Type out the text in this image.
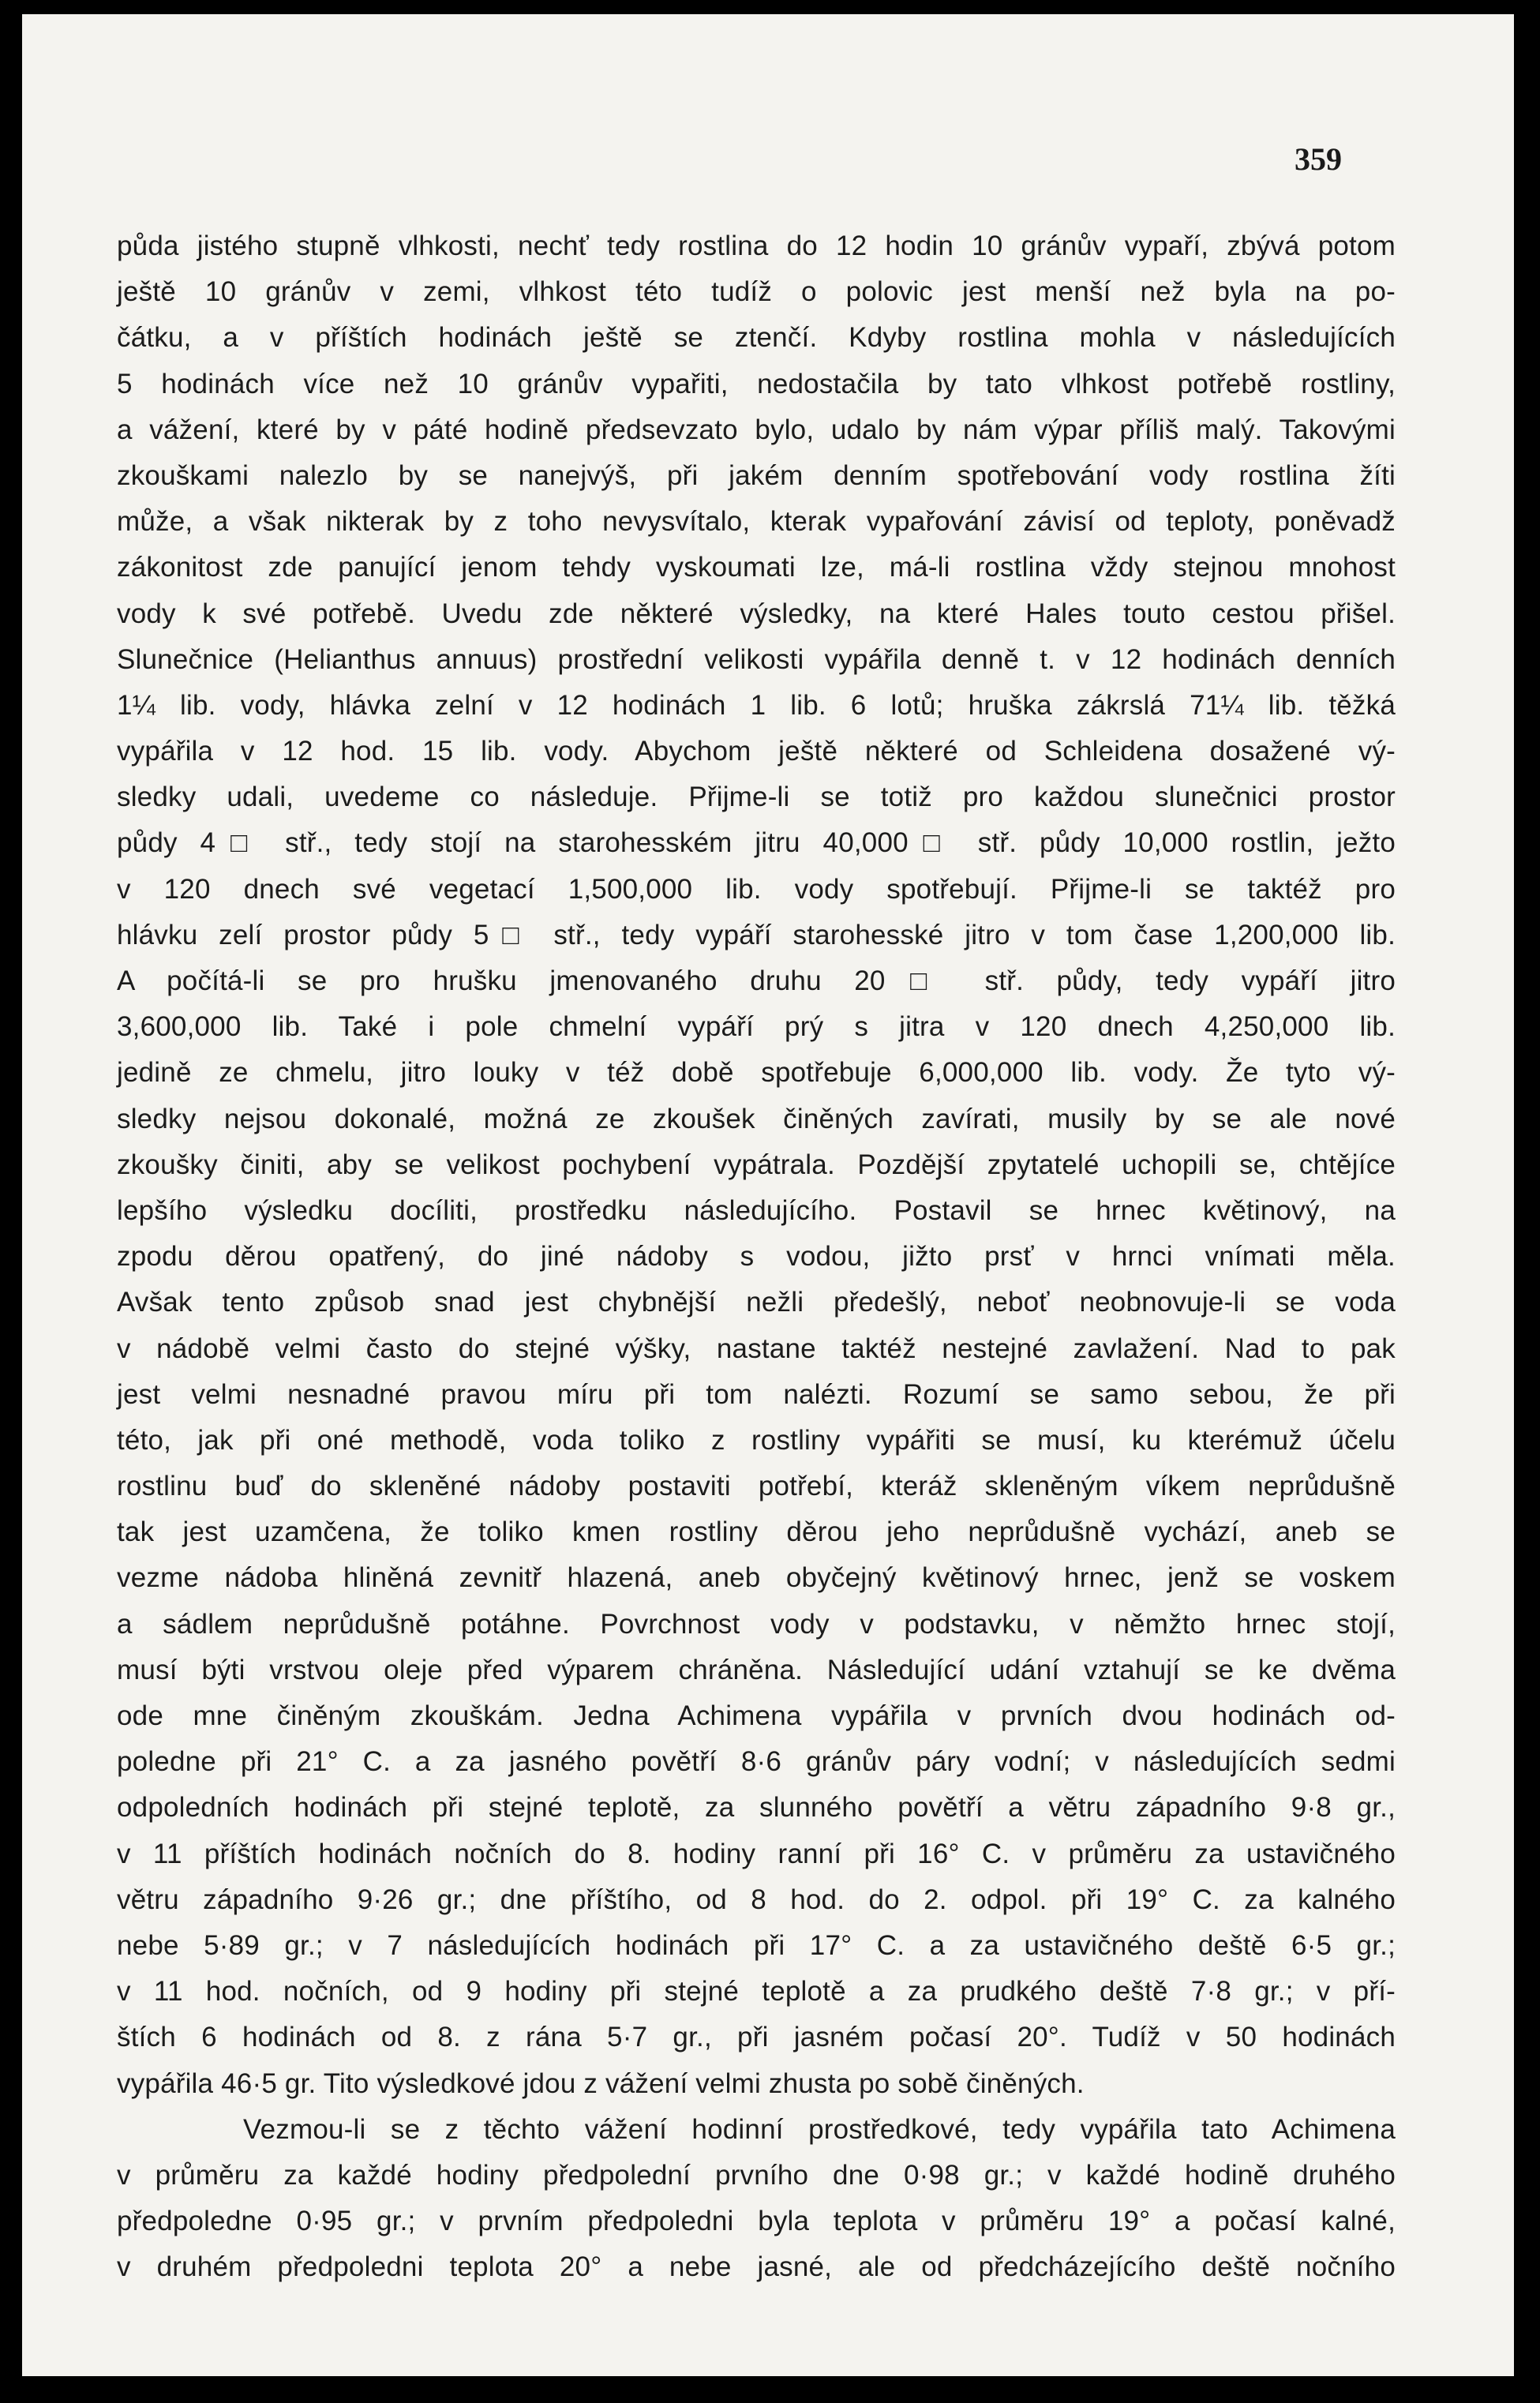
359
půda jistého stupně vlhkosti, nechť tedy rostlina do 12 hodin 10 gránův vypaří, zbývá potom
ještě 10 gránův v zemi, vlhkost této tudíž o polovic jest menší než byla na po-
čátku, a v příštích hodinách ještě se ztenčí. Kdyby rostlina mohla v následujících
5 hodinách více než 10 gránův vypařiti, nedostačila by tato vlhkost potřebě rostliny,
a vážení, které by v páté hodině předsevzato bylo, udalo by nám výpar příliš malý. Takovými
zkouškami nalezlo by se nanejvýš, při jakém denním spotřebování vody rostlina žíti
může, a však nikterak by z toho nevysvítalo, kterak vypařování závisí od teploty, poněvadž
zákonitost zde panující jenom tehdy vyskoumati lze, má-li rostlina vždy stejnou mnohost
vody k své potřebě. Uvedu zde některé výsledky, na které Hales touto cestou přišel.
Slunečnice (Helianthus annuus) prostřední velikosti vypářila denně t. v 12 hodinách denních
1¼ lib. vody, hlávka zelní v 12 hodinách 1 lib. 6 lotů; hruška zákrslá 71¼ lib. těžká
vypářila v 12 hod. 15 lib. vody. Abychom ještě některé od Schleidena dosažené vý-
sledky udali, uvedeme co následuje. Přijme-li se totiž pro každou slunečnici prostor
půdy 4□ stř., tedy stojí na starohesském jitru 40,000□ stř. půdy 10,000 rostlin, ježto
v 120 dnech své vegetací 1,500,000 lib. vody spotřebují. Přijme-li se taktéž pro
hlávku zelí prostor půdy 5□ stř., tedy vypáří starohesské jitro v tom čase 1,200,000 lib.
A počítá-li se pro hrušku jmenovaného druhu 20□ stř. půdy, tedy vypáří jitro
3,600,000 lib. Také i pole chmelní vypáří prý s jitra v 120 dnech 4,250,000 lib.
jedině ze chmelu, jitro louky v též době spotřebuje 6,000,000 lib. vody. Že tyto vý-
sledky nejsou dokonalé, možná ze zkoušek činěných zavírati, musily by se ale nové
zkoušky činiti, aby se velikost pochybení vypátrala. Pozdější zpytatelé uchopili se, chtějíce
lepšího výsledku docíliti, prostředku následujícího. Postavil se hrnec květinový, na
zpodu děrou opatřený, do jiné nádoby s vodou, jižto prsť v hrnci vnímati měla.
Avšak tento způsob snad jest chybnější nežli předešlý, neboť neobnovuje-li se voda
v nádobě velmi často do stejné výšky, nastane taktéž nestejné zavlažení. Nad to pak
jest velmi nesnadné pravou míru při tom nalézti. Rozumí se samo sebou, že při
této, jak při oné methodě, voda toliko z rostliny vypářiti se musí, ku kterémuž účelu
rostlinu buď do skleněné nádoby postaviti potřebí, kteráž skleněným víkem neprůdušně
tak jest uzamčena, že toliko kmen rostliny děrou jeho neprůdušně vychází, aneb se
vezme nádoba hliněná zevnitř hlazená, aneb obyčejný květinový hrnec, jenž se voskem
a sádlem neprůdušně potáhne. Povrchnost vody v podstavku, v němžto hrnec stojí,
musí býti vrstvou oleje před výparem chráněna. Následující udání vztahují se ke dvěma
ode mne činěným zkouškám. Jedna Achimena vypářila v prvních dvou hodinách od-
poledne při 21° C. a za jasného povětří 8·6 gránův páry vodní; v následujících sedmi
odpoledních hodinách při stejné teplotě, za slunného povětří a větru západního 9·8 gr.,
v 11 příštích hodinách nočních do 8. hodiny ranní při 16° C. v průměru za ustavičného
větru západního 9·26 gr.; dne příštího, od 8 hod. do 2. odpol. při 19° C. za kalného
nebe 5·89 gr.; v 7 následujících hodinách při 17° C. a za ustavičného deště 6·5 gr.;
v 11 hod. nočních, od 9 hodiny při stejné teplotě a za prudkého deště 7·8 gr.; v pří-
štích 6 hodinách od 8. z rána 5·7 gr., při jasném počasí 20°. Tudíž v 50 hodinách
vypářila 46·5 gr. Tito výsledkové jdou z vážení velmi zhusta po sobě činěných.
Vezmou-li se z těchto vážení hodinní prostředkové, tedy vypářila tato Achimena
v průměru za každé hodiny předpolední prvního dne 0·98 gr.; v každé hodině druhého
předpoledne 0·95 gr.; v prvním předpoledni byla teplota v průměru 19° a počasí kalné,
v druhém předpoledni teplota 20° a nebe jasné, ale od předcházejícího deště nočního
